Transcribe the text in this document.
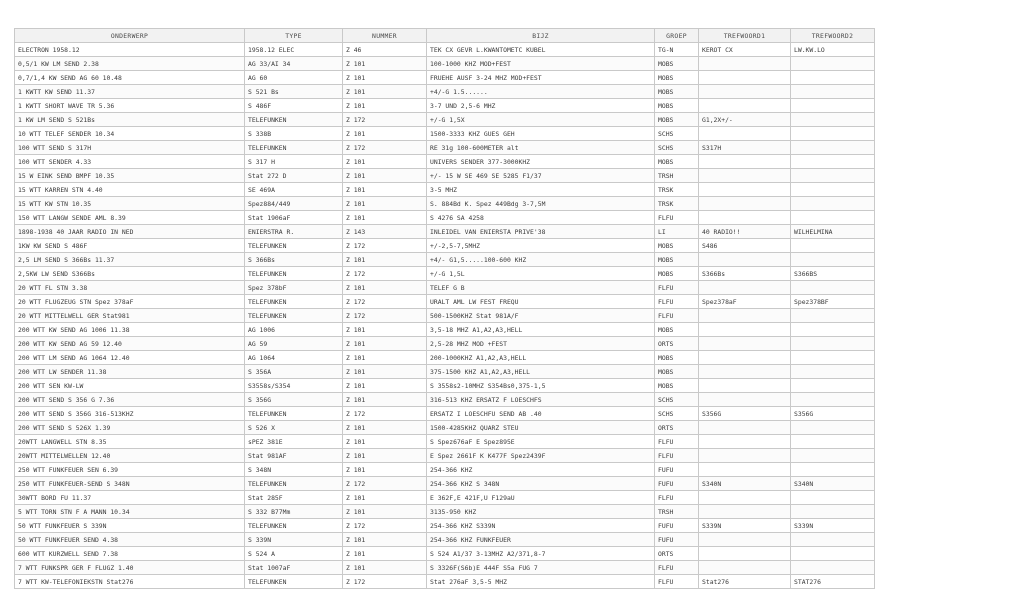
ONDERWERP	TYPE	NUMMER	BIJZ	GROEP	TREFWOORD1	TREFWOORD2
ELECTRON 1958.12	1958.12 ELEC	Z 46	TEK CX GEVR L.KWANTOMETC KUBEL	TG-N	KEROT CX	LW.KW.LO
0,5/1 KW LM SEND 2.38	AG 33/AI 34	Z 101	100-1000 KHZ MOD+FEST	MOBS		
0,7/1,4 KW SEND AG 60 10.48	AG 60	Z 101	FRUEHE AUSF 3-24 MHZ MOD+FEST	MOBS		
1 KWTT KW SEND 11.37	S 521 Bs	Z 101	+4/-G 1.5......	MOBS		
1 KWTT SHORT WAVE TR 5.36	S 486F	Z 101	3-7 UND 2,5-6 MHZ	MOBS		
1 KW LM SEND S 521Bs	TELEFUNKEN	Z 172	+/-G 1,5X	MOBS	G1,2X+/-	
10 WTT TELEF SENDER 10.34	S 338B	Z 101	1500-3333 KHZ GUES GEH	SCHS		
100 WTT SEND S 317H	TELEFUNKEN	Z 172	RE 31g 100-600METER alt	SCHS	S317H	
100 WTT SENDER 4.33	S 317 H	Z 101	UNIVERS SENDER 377-3000KHZ	MOBS		
15 W EINK SEND BMPF 10.35	Stat 272 D	Z 101	+/- 15 W SE 469 SE 5285 F1/37	TRSH		
15 WTT KARREN STN 4.40	SE 469A	Z 101	3-5 MHZ	TRSK		
15 WTT KW STN 10.35	Spez884/449	Z 101	S. 884Bd K. Spez 449Bdg 3-7,5M	TRSK		
150 WTT LANGW SENDE AML 8.39	Stat 1906aF	Z 101	S 4276 SA 4258	FLFU		
1898-1938 40 JAAR RADIO IN NED	ENIERSTRA R.	Z 143	INLEIDEL VAN ENIERSTA PRIVE'38	LI	40 RADIO!!	WILHELMINA
1KW KW SEND S 486F	TELEFUNKEN	Z 172	+/-2,5-7,5MHZ	MOBS	S486	
2,5 LM SEND S 366Bs 11.37	S 366Bs	Z 101	+4/- G1,5.....100-600 KHZ	MOBS		
2,5KW LW SEND S366Bs	TELEFUNKEN	Z 172	+/-G 1,5L	MOBS	S366Bs	S366BS
20 WTT FL STN 3.38	Spez 378bF	Z 101	TELEF G B	FLFU		
20 WTT FLUGZEUG STN Spez 378aF	TELEFUNKEN	Z 172	URALT AML LW FEST FREQU	FLFU	Spez378aF	Spez378BF
20 WTT MITTELWELL GER Stat981	TELEFUNKEN	Z 172	500-1500KHZ Stat 981A/F	FLFU		
200 WTT KW SEND AG 1006 11.38	AG 1006	Z 101	3,5-18 MHZ A1,A2,A3,HELL	MOBS		
200 WTT KW SEND AG 59 12.40	AG 59	Z 101	2,5-28 MHZ MOD +FEST	ORTS		
200 WTT LM SEND AG 1064 12.40	AG 1064	Z 101	200-1000KHZ A1,A2,A3,HELL	MOBS		
200 WTT LW SENDER 11.38	S 356A	Z 101	375-1500 KHZ A1,A2,A3,HELL	MOBS		
200 WTT SEN KW-LW	S3558s/S354	Z 101	S 3558s2-10MHZ S354Bs0,375-1,5	MOBS		
200 WTT SEND S 356 G 7.36	S 356G	Z 101	316-513 KHZ ERSATZ F LOESCHFS	SCHS		
200 WTT SEND S 356G 316-513KHZ	TELEFUNKEN	Z 172	ERSATZ I LOESCHFU SEND AB .40	SCHS	S356G	S356G
200 WTT SEND S 526X 1.39	S 526 X	Z 101	1500-4285KHZ QUARZ STEU	ORTS		
20WTT LANGWELL STN 8.35	sPEZ 381E	Z 101	S Spez676aF E Spez895E	FLFU		
20WTT MITTELWELLEN 12.40	Stat 981AF	Z 101	E Spez 2661F K K477F Spez2439F	FLFU		
250 WTT FUNKFEUER SEN 6.39	S 348N	Z 101	254-366 KHZ	FUFU		
250 WTT FUNKFEUER-SEND S 348N	TELEFUNKEN	Z 172	254-366 KHZ S 348N	FUFU	S340N	S340N
30WTT BORD FU 11.37	Stat 285F	Z 101	E 362F,E 421F,U F129aU	FLFU		
5 WTT TORN STN F A MANN 10.34	S 332 B77Mm	Z 101	3135-950 KHZ	TRSH		
50 WTT FUNKFEUER S 339N	TELEFUNKEN	Z 172	254-366 KHZ S339N	FUFU	S339N	S339N
50 WTT FUNKFEUER SEND 4.38	S 339N	Z 101	254-366 KHZ FUNKFEUER	FUFU		
600 WTT KURZWELL SEND 7.38	S 524 A	Z 101	S 524 A1/37 3-13MHZ A2/371,8-7	ORTS		
7 WTT FUNKSPR GER F FLUGZ 1.40	Stat 1007aF	Z 101	S 3326F(S6b)E 444F S5a FUG 7	FLFU		
7 WTT KW-TELEFONIEKSTN Stat276	TELEFUNKEN	Z 172	Stat 276aF 3,5-5 MHZ	FLFU	Stat276	STAT276
